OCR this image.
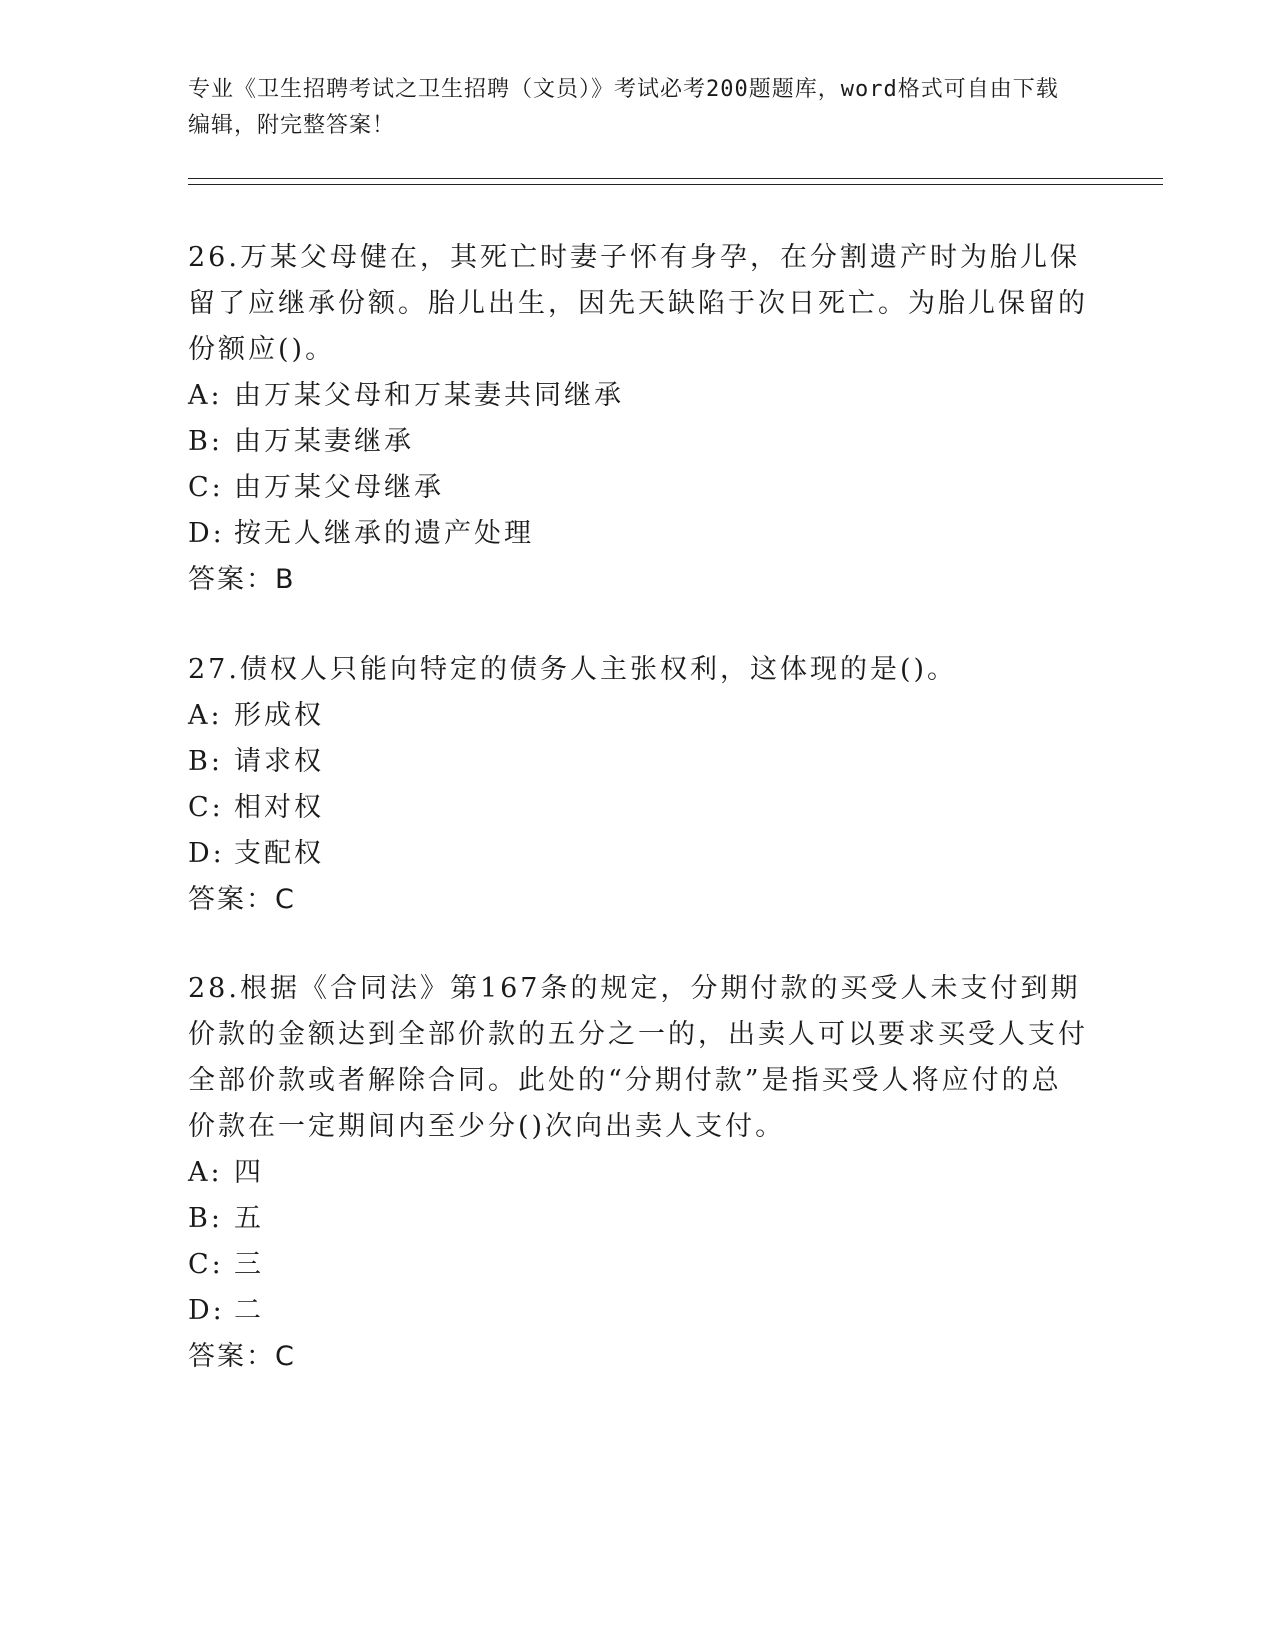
专业《卫生招聘考试之卫生招聘（文员）》考试必考200题题库，word格式可自由下载编辑，附完整答案！

26.万某父母健在，其死亡时妻子怀有身孕，在分割遗产时为胎儿保留了应继承份额。胎儿出生，因先天缺陷于次日死亡。为胎儿保留的份额应()。

A: 由万某父母和万某妻共同继承

B: 由万某妻继承

C: 由万某父母继承

D: 按无人继承的遗产处理

答案：B

27.债权人只能向特定的债务人主张权利，这体现的是()。

A: 形成权

B: 请求权

C: 相对权

D: 支配权

答案：C

28.根据《合同法》第167条的规定，分期付款的买受人未支付到期价款的金额达到全部价款的五分之一的，出卖人可以要求买受人支付全部价款或者解除合同。此处的“分期付款”是指买受人将应付的总价款在一定期间内至少分()次向出卖人支付。

A: 四

B: 五

C: 三

D: 二

答案：C
